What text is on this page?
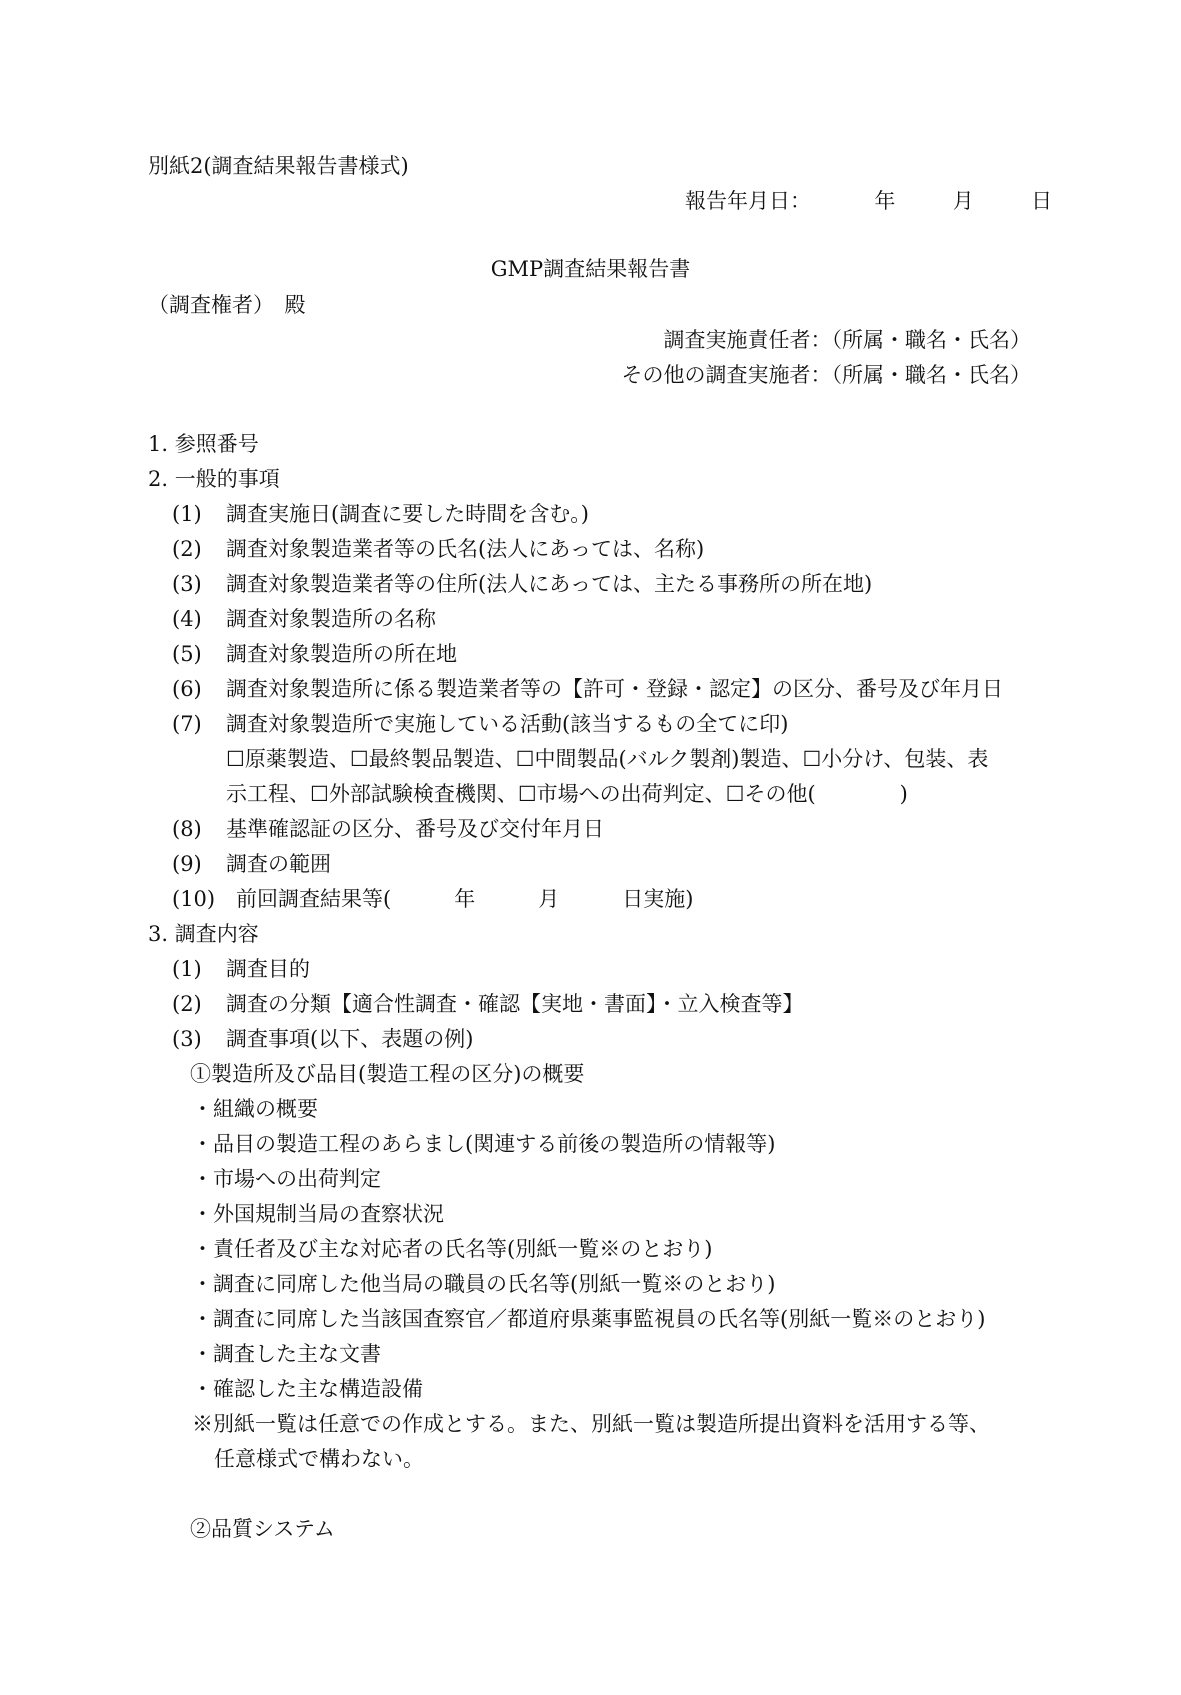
別紙2(調査結果報告書様式)
報告年月日：	年	月	日
GMP調査結果報告書
（調査権者）　殿
調査実施責任者：（所属・職名・氏名）
その他の調査実施者：（所属・職名・氏名）
1. 参照番号
2. 一般的事項
(1) 調査実施日(調査に要した時間を含む。)
(2) 調査対象製造業者等の氏名(法人にあっては、名称)
(3) 調査対象製造業者等の住所(法人にあっては、主たる事務所の所在地)
(4) 調査対象製造所の名称
(5) 調査対象製造所の所在地
(6) 調査対象製造所に係る製造業者等の【許可・登録・認定】の区分、番号及び年月日
(7) 調査対象製造所で実施している活動(該当するもの全てに印)
☐原薬製造、☐最終製品製造、☐中間製品(バルク製剤)製造、☐小分け、包装、表
示工程、☐外部試験検査機関、☐市場への出荷判定、☐その他(　　　　)
(8) 基準確認証の区分、番号及び交付年月日
(9) 調査の範囲
(10) 前回調査結果等(　　　年　　　月　　　日実施)
3. 調査内容
(1) 調査目的
(2) 調査の分類【適合性調査・確認【実地・書面】・立入検査等】
(3) 調査事項(以下、表題の例)
①製造所及び品目(製造工程の区分)の概要
・組織の概要
・品目の製造工程のあらまし(関連する前後の製造所の情報等)
・市場への出荷判定
・外国規制当局の査察状況
・責任者及び主な対応者の氏名等(別紙一覧※のとおり)
・調査に同席した他当局の職員の氏名等(別紙一覧※のとおり)
・調査に同席した当該国査察官／都道府県薬事監視員の氏名等(別紙一覧※のとおり)
・調査した主な文書
・確認した主な構造設備
※別紙一覧は任意での作成とする。また、別紙一覧は製造所提出資料を活用する等、
任意様式で構わない。
②品質システム
